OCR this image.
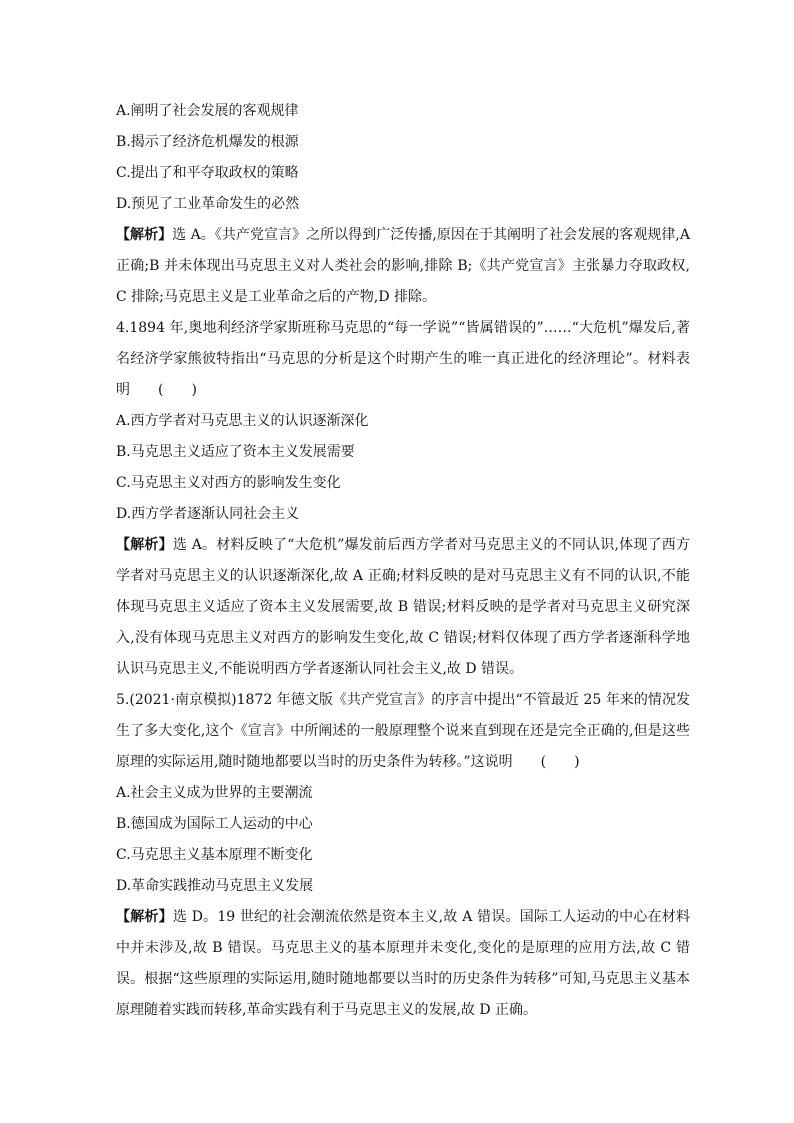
A.阐明了社会发展的客观规律
B.揭示了经济危机爆发的根源
C.提出了和平夺取政权的策略
D.预见了工业革命发生的必然
【解析】选 A。《共产党宣言》之所以得到广泛传播,原因在于其阐明了社会发展的客观规律,A 正确;B 并未体现出马克思主义对人类社会的影响,排除 B;《共产党宣言》主张暴力夺取政权,C 排除;马克思主义是工业革命之后的产物,D 排除。
4.1894 年,奥地利经济学家斯班称马克思的“每一学说”“皆属错误的”……“大危机”爆发后,著名经济学家熊彼特指出“马克思的分析是这个时期产生的唯一真正进化的经济理论”。材料表明　　(　　)
A.西方学者对马克思主义的认识逐渐深化
B.马克思主义适应了资本主义发展需要
C.马克思主义对西方的影响发生变化
D.西方学者逐渐认同社会主义
【解析】选 A。材料反映了“大危机”爆发前后西方学者对马克思主义的不同认识,体现了西方学者对马克思主义的认识逐渐深化,故 A 正确;材料反映的是对马克思主义有不同的认识,不能体现马克思主义适应了资本主义发展需要,故 B 错误;材料反映的是学者对马克思主义研究深入,没有体现马克思主义对西方的影响发生变化,故 C 错误;材料仅体现了西方学者逐渐科学地认识马克思主义,不能说明西方学者逐渐认同社会主义,故 D 错误。
5.(2021·南京模拟)1872 年德文版《共产党宣言》的序言中提出“不管最近 25 年来的情况发生了多大变化,这个《宣言》中所阐述的一般原理整个说来直到现在还是完全正确的,但是这些原理的实际运用,随时随地都要以当时的历史条件为转移。”这说明　　(　　)
A.社会主义成为世界的主要潮流
B.德国成为国际工人运动的中心
C.马克思主义基本原理不断变化
D.革命实践推动马克思主义发展
【解析】选 D。19 世纪的社会潮流依然是资本主义,故 A 错误。国际工人运动的中心在材料中并未涉及,故 B 错误。马克思主义的基本原理并未变化,变化的是原理的应用方法,故 C 错误。根据“这些原理的实际运用,随时随地都要以当时的历史条件为转移”可知,马克思主义基本原理随着实践而转移,革命实践有利于马克思主义的发展,故 D 正确。
